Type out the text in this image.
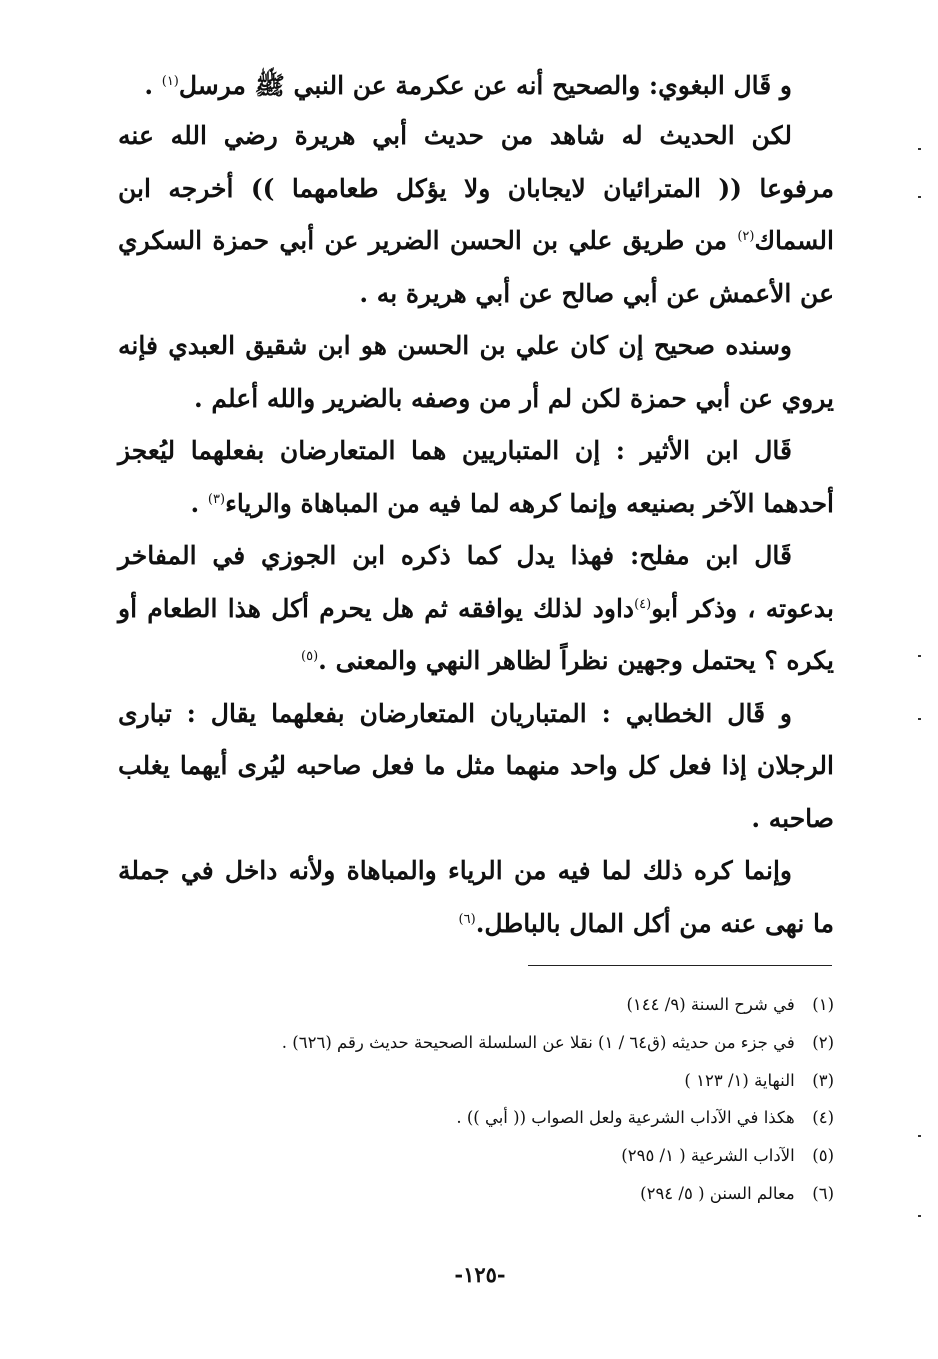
و قَال البغوي: والصحيح أنه عن عكرمة عن النبي ﷺ مرسل$^{(١)}$ .

لكن الحديث له شاهد من حديث أبي هريرة رضي الله عنه مرفوعا (( المترائيان لايجابان ولا يؤكل طعامهما )) أخرجه ابن السماك$^{(٢)}$ من طريق علي بن الحسن الضرير عن أبي حمزة السكري عن الأعمش عن أبي صالح عن أبي هريرة به .

وسنده صحيح إن كان علي بن الحسن هو ابن شقيق العبدي فإنه يروي عن أبي حمزة لكن لم أر من وصفه بالضرير والله أعلم .

قَال ابن الأثير : إن المتباريين هما المتعارضان بفعلهما ليُعجز أحدهما الآخر بصنيعه وإنما كرهه لما فيه من المباهاة والرياء$^{(٣)}$ .

قَال ابن مفلح: فهذا يدل كما ذكره ابن الجوزي في المفاخر بدعوته ، وذكر أبو$^{(٤)}$داود لذلك يوافقه ثم هل يحرم أكل هذا الطعام أو يكره ؟ يحتمل وجهين نظراً لظاهر النهي والمعنى .$^{(٥)}$

و قَال الخطابي : المتباريان المتعارضان بفعلهما يقال : تبارى الرجلان إذا فعل كل واحد منهما مثل ما فعل صاحبه ليُرى أيهما يغلب صاحبه .

وإنما كره ذلك لما فيه من الرياء والمباهاة ولأنه داخل في جملة ما نهى عنه من أكل المال بالباطل.$^{(٦)}$

(١) في شرح السنة (٩/ ١٤٤)

(٢) في جزء من حديثه (ق٦٤ / ١) نقلا عن السلسلة الصحيحة حديث رقم (٦٢٦) .

(٣) النهاية (١/ ١٢٣ )

(٤) هكذا في الآداب الشرعية ولعل الصواب (( أبي )) .

(٥) الآداب الشرعية ( ١/ ٢٩٥)

(٦) معالم السنن ( ٥/ ٢٩٤)

-١٢٥-
